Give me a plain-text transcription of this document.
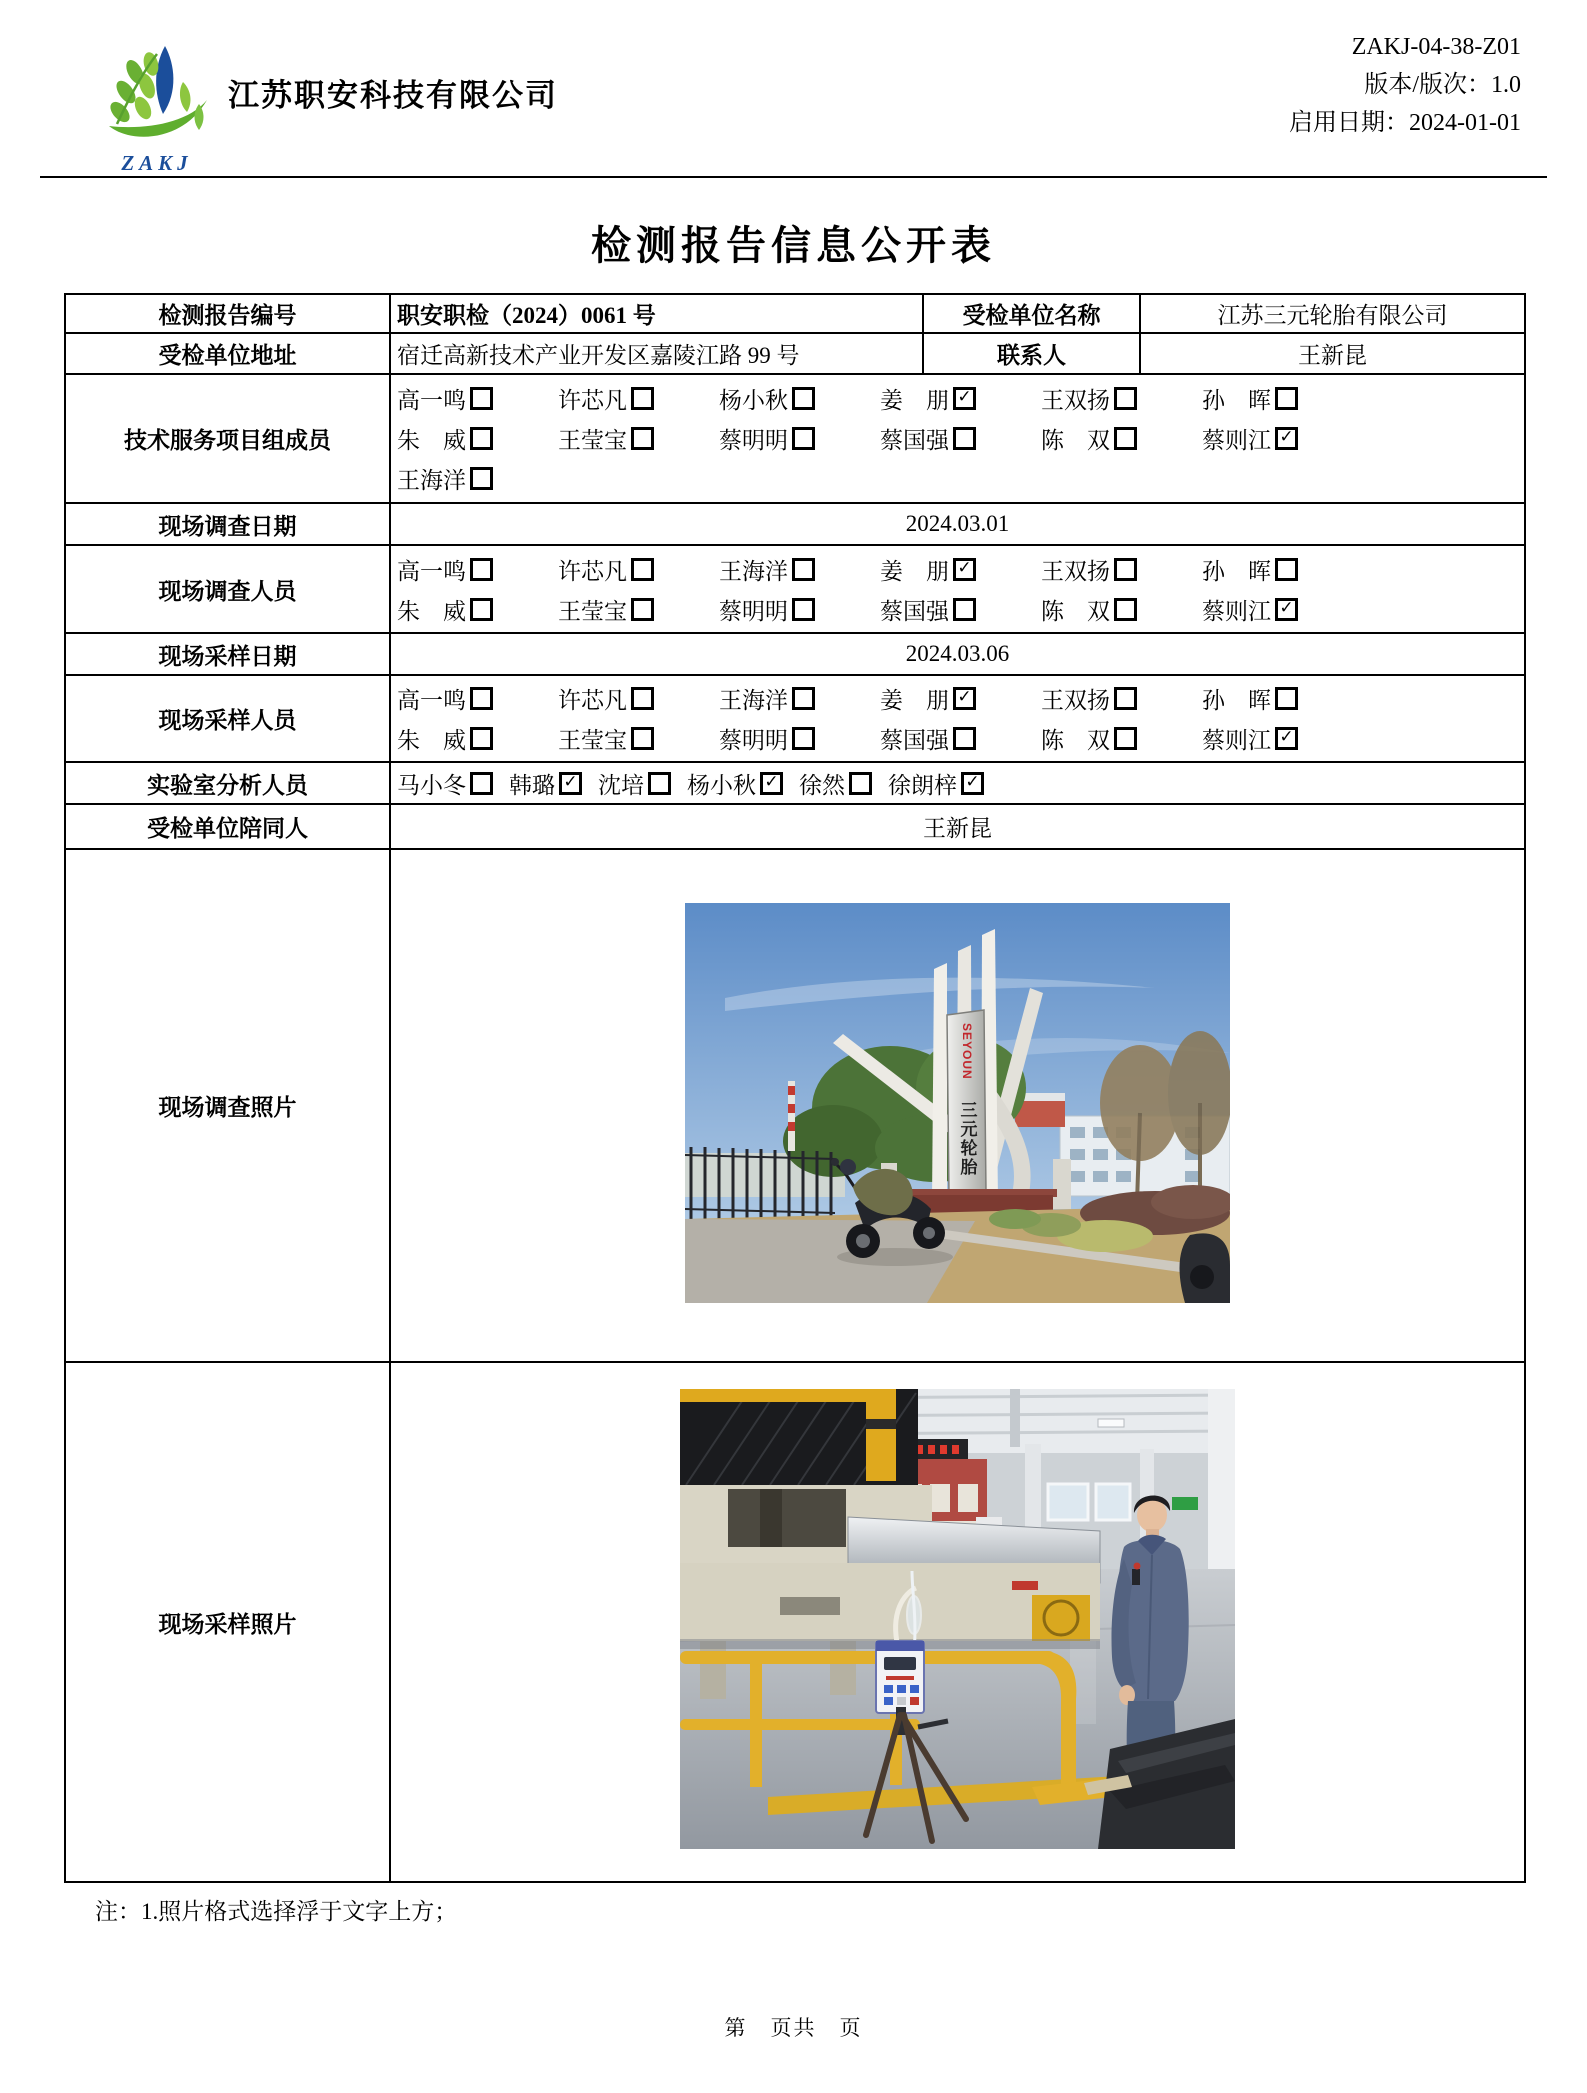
ZAKJ
江苏职安科技有限公司
ZAKJ-04-38-Z01
版本/版次：1.0
启用日期：2024-01-01
检测报告信息公开表
检测报告编号	职安职检（2024）0061 号	受检单位名称	江苏三元轮胎有限公司
受检单位地址	宿迁高新技术产业开发区嘉陵江路 99 号	联系人	王新昆
技术服务项目组成员	
高一鸣	许芯凡	杨小秋	姜　朋 ✓	王双扬	孙　晖
朱　威	王莹宝	蔡明明	蔡国强	陈　双	蔡则江 ✓
王海洋

现场调查日期	2024.03.01		
现场调查人员	
高一鸣	许芯凡	王海洋	姜　朋 ✓	王双扬	孙　晖
朱　威	王莹宝	蔡明明	蔡国强	陈　双	蔡则江 ✓

现场采样日期	2024.03.06		
现场采样人员	
高一鸣	许芯凡	王海洋	姜　朋 ✓	王双扬	孙　晖
朱　威	王莹宝	蔡明明	蔡国强	陈　双	蔡则江 ✓

实验室分析人员	马小冬 韩璐 ✓ 沈培 杨小秋 ✓ 徐然 徐朗梓 ✓

受检单位陪同人	王新昆		
现场调查照片	SEYOUN
三元轮胎		

现场采样照片	
注：1.照片格式选择浮于文字上方；
第　页共　页
